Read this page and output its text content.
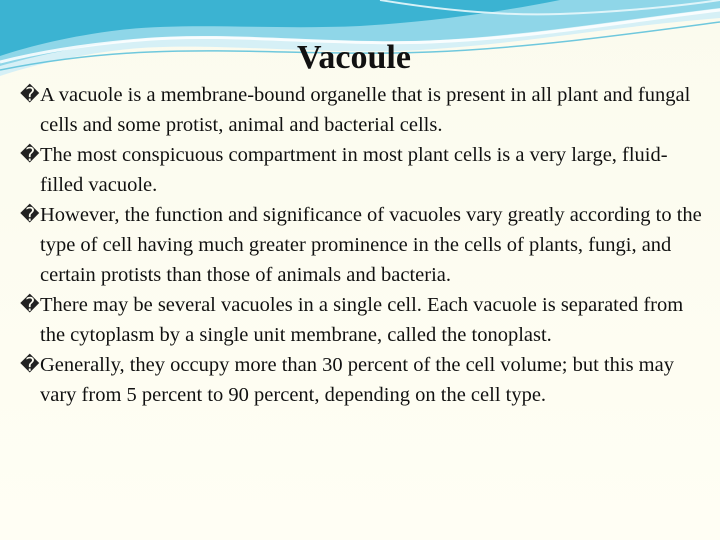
Vacoule
� A vacuole is a membrane-bound organelle that is present in all plant and fungal cells and some protist, animal and bacterial cells.
� The most conspicuous compartment in most plant cells is a very large, fluid-filled vacuole.
� However, the function and significance of vacuoles vary greatly according to the type of cell having much greater prominence in the cells of plants, fungi, and certain protists than those of animals and bacteria.
� There may be several vacuoles in a single cell. Each vacuole is separated from the cytoplasm by a single unit membrane, called the tonoplast.
� Generally, they occupy more than 30 percent of the cell volume; but this may vary from 5 percent to 90 percent, depending on the cell type.
